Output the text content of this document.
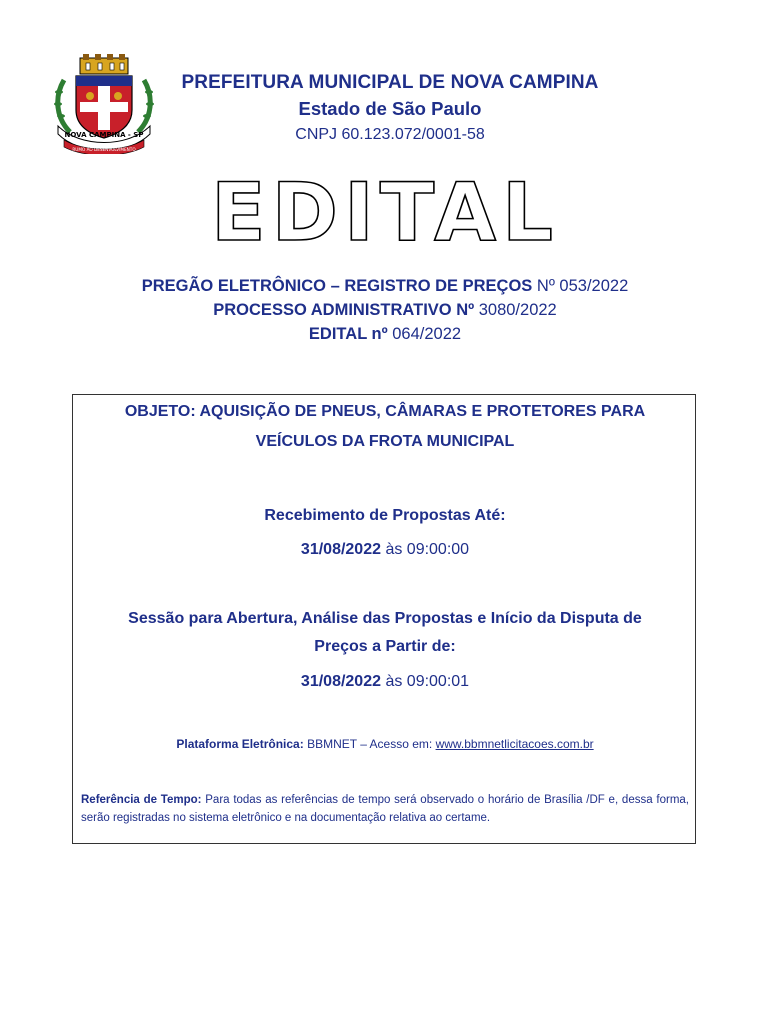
NOVA CAMPINA - SP
RUMO AO DESENVOLVIMENTO
PREFEITURA MUNICIPAL DE NOVA CAMPINA
Estado de São Paulo
CNPJ 60.123.072/0001-58
EDITAL
PREGÃO ELETRÔNICO – REGISTRO DE PREÇOS Nº 053/2022
PROCESSO ADMINISTRATIVO Nº 3080/2022
EDITAL nº 064/2022
OBJETO: AQUISIÇÃO DE PNEUS, CÂMARAS E PROTETORES PARA
VEÍCULOS DA FROTA MUNICIPAL
Recebimento de Propostas Até:
31/08/2022 às 09:00:00
Sessão para Abertura, Análise das Propostas e Início da Disputa de
Preços a Partir de:
31/08/2022 às 09:00:01
Plataforma Eletrônica: BBMNET – Acesso em: www.bbmnetlicitacoes.com.br
Referência de Tempo: Para todas as referências de tempo será observado o horário de Brasília /DF e, dessa forma, serão registradas no sistema eletrônico e na documentação relativa ao certame.
